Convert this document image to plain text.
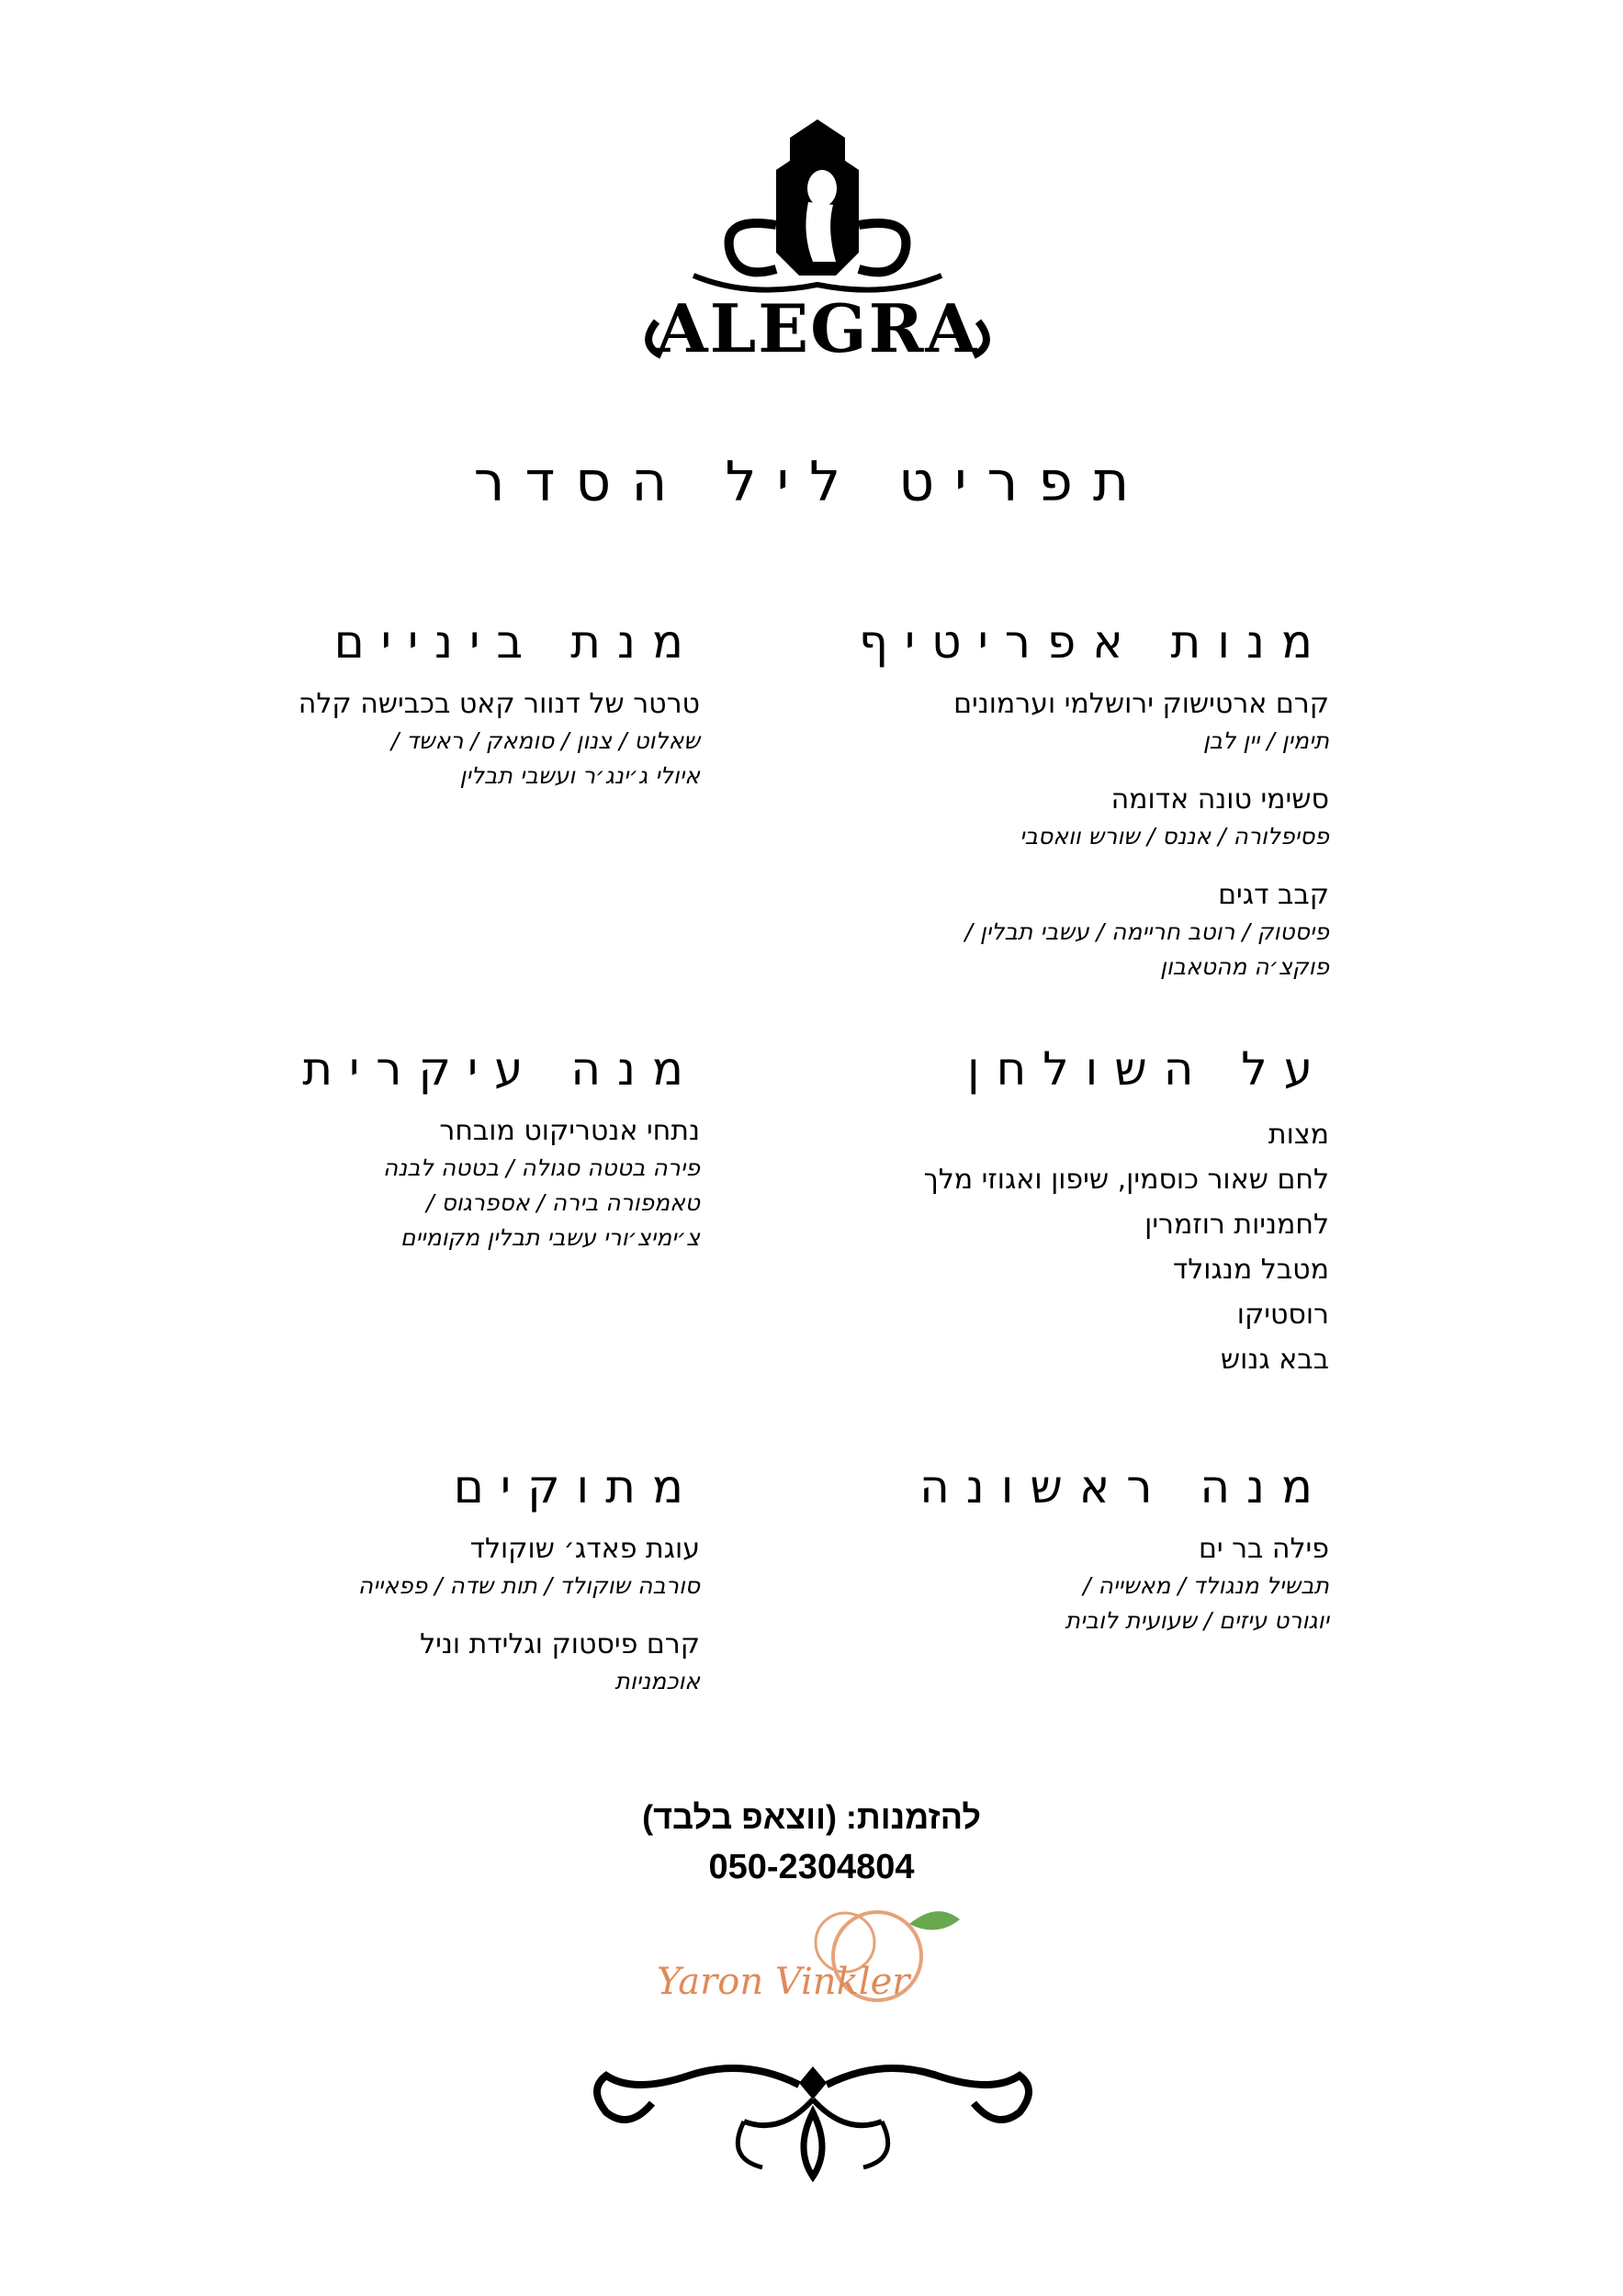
ALEGRA
תפריט ליל הסדר
מנות אפריטיף
קרם ארטישוק ירושלמי וערמונים
תימין / יין לבן
סשימי טונה אדומה
פסיפלורה / אננס / שורש וואסבי
קבב דגים
פיסטוק / רוטב חריימה / עשבי תבלין /
פוקצ׳ה מהטאבון
מנת ביניים
טרטר של דנוור קאט בכבישה קלה
שאלוט / צנון / סומאק / ראשד /
איולי ג׳ינג׳ר ועשבי תבלין
על השולחן
מצות
לחם שאור כוסמין, שיפון ואגוזי מלך
לחמניות רוזמרין
מטבל מנגולד
רוסטיקו
בבא גנוש
מנה עיקרית
נתחי אנטריקוט מובחר
פירה בטטה סגולה / בטטה לבנה
טאמפורה בירה / אספרגוס /
צ׳ימיצ׳ורי עשבי תבלין מקומיים
מנה ראשונה
פילה בר ים
תבשיל מנגולד / מאשייה /
יוגורט עיזים / שעועית לובית
מתוקים
עוגת פאדג׳ שוקולד
סורבה שוקולד / תות שדה / פפאייה
קרם פיסטוק וגלידת וניל
אוכמניות
להזמנות: (ווצאפ בלבד)
050-2304804
Yaron Vinkler
